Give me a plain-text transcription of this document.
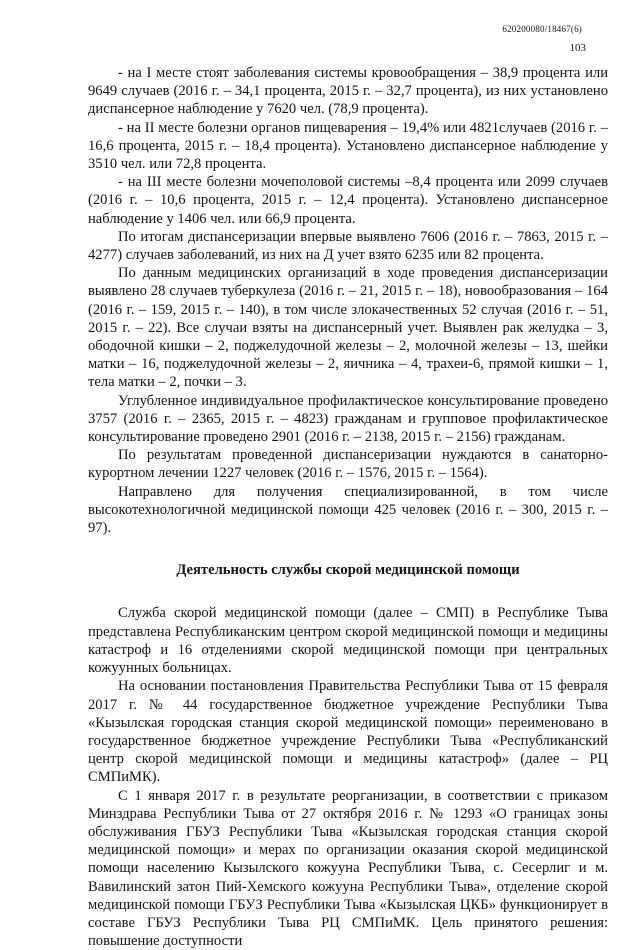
620200080/18467(6)
103

- на I месте стоят заболевания системы кровообращения – 38,9 процента или 9649 случаев (2016 г. – 34,1 процента, 2015 г. – 32,7 процента), из них установлено диспансерное наблюдение у 7620 чел. (78,9 процента).

- на II месте болезни органов пищеварения – 19,4% или 4821случаев (2016 г. – 16,6 процента, 2015 г. – 18,4 процента). Установлено диспансерное наблюдение у 3510 чел. или 72,8 процента.

- на III месте болезни мочеполовой системы –8,4 процента или 2099 случаев (2016 г. – 10,6 процента, 2015 г. – 12,4 процента). Установлено диспансерное наблюдение у 1406 чел. или 66,9 процента.

По итогам диспансеризации впервые выявлено 7606 (2016 г. – 7863, 2015 г. – 4277) случаев заболеваний, из них на Д учет взято 6235 или 82 процента.

По данным медицинских организаций в ходе проведения диспансеризации выявлено 28 случаев туберкулеза (2016 г. – 21, 2015 г. – 18), новообразования – 164 (2016 г. – 159, 2015 г. – 140), в том числе злокачественных 52 случая (2016 г. – 51, 2015 г. – 22). Все случаи взяты на диспансерный учет. Выявлен рак желудка – 3, ободочной кишки – 2, поджелудочной железы – 2, молочной железы – 13, шейки матки – 16, поджелудочной железы – 2, яичника – 4, трахеи-6, прямой кишки – 1, тела матки – 2, почки – 3.

Углубленное индивидуальное профилактическое консультирование проведено 3757 (2016 г. – 2365, 2015 г. – 4823) гражданам и групповое профилактическое консультирование проведено 2901 (2016 г. – 2138, 2015 г. – 2156) гражданам.

По результатам проведенной диспансеризации нуждаются в санаторно-курортном лечении 1227 человек (2016 г. – 1576, 2015 г. – 1564).

Направлено для получения специализированной, в том числе высокотехнологичной медицинской помощи 425 человек (2016 г. – 300, 2015 г. – 97).

Деятельность службы скорой медицинской помощи

Служба скорой медицинской помощи (далее – СМП) в Республике Тыва представлена Республиканским центром скорой медицинской помощи и медицины катастроф и 16 отделениями скорой медицинской помощи при центральных кожуунных больницах.

На основании постановления Правительства Республики Тыва от 15 февраля 2017 г. № 44 государственное бюджетное учреждение Республики Тыва «Кызылская городская станция скорой медицинской помощи» переименовано в государственное бюджетное учреждение Республики Тыва «Республиканский центр скорой медицинской помощи и медицины катастроф» (далее – РЦ СМПиМК).

С 1 января 2017 г. в результате реорганизации, в соответствии с приказом Минздрава Республики Тыва от 27 октября 2016 г. № 1293 «О границах зоны обслуживания ГБУЗ Республики Тыва «Кызылская городская станция скорой медицинской помощи» и мерах по организации оказания скорой медицинской помощи населению Кызылского кожууна Республики Тыва, с. Сесерлиг и м. Вавилинский затон Пий-Хемского кожууна Республики Тыва», отделение скорой медицинской помощи ГБУЗ Республики Тыва «Кызылская ЦКБ» функционирует в составе ГБУЗ Республики Тыва РЦ СМПиМК. Цель принятого решения: повышение доступности
